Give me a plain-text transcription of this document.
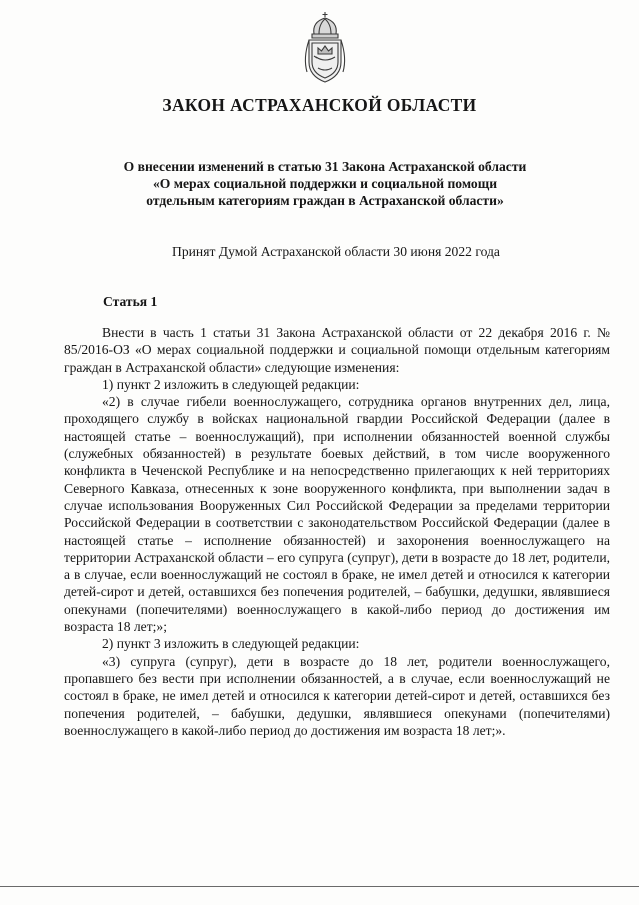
ЗАКОН АСТРАХАНСКОЙ ОБЛАСТИ
О внесении изменений в статью 31 Закона Астраханской области
«О мерах социальной поддержки и социальной помощи
отдельным категориям граждан в Астраханской области»

Принят Думой Астраханской области 30 июня 2022 года

Статья 1

Внести в часть 1 статьи 31 Закона Астраханской области от 22 декабря 2016 г. № 85/2016-ОЗ «О мерах социальной поддержки и социальной помощи отдельным категориям граждан в Астраханской области» следующие изменения:

1) пункт 2 изложить в следующей редакции:

«2) в случае гибели военнослужащего, сотрудника органов внутренних дел, лица, проходящего службу в войсках национальной гвардии Российской Федерации (далее в настоящей статье – военнослужащий), при исполнении обязанностей военной службы (служебных обязанностей) в результате боевых действий, в том числе вооруженного конфликта в Чеченской Республике и на непосредственно прилегающих к ней территориях Северного Кавказа, отнесенных к зоне вооруженного конфликта, при выполнении задач в случае использования Вооруженных Сил Российской Федерации за пределами территории Российской Федерации в соответствии с законодательством Российской Федерации (далее в настоящей статье – исполнение обязанностей) и захоронения военнослужащего на территории Астраханской области – его супруга (супруг), дети в возрасте до 18 лет, родители, а в случае, если военнослужащий не состоял в браке, не имел детей и относился к категории детей-сирот и детей, оставшихся без попечения родителей, – бабушки, дедушки, являвшиеся опекунами (попечителями) военнослужащего в какой-либо период до достижения им возраста 18 лет;»;

2) пункт 3 изложить в следующей редакции:

«3) супруга (супруг), дети в возрасте до 18 лет, родители военнослужащего, пропавшего без вести при исполнении обязанностей, а в случае, если военнослужащий не состоял в браке, не имел детей и относился к категории детей-сирот и детей, оставшихся без попечения родителей, – бабушки, дедушки, являвшиеся опекунами (попечителями) военнослужащего в какой-либо период до достижения им возраста 18 лет;».
